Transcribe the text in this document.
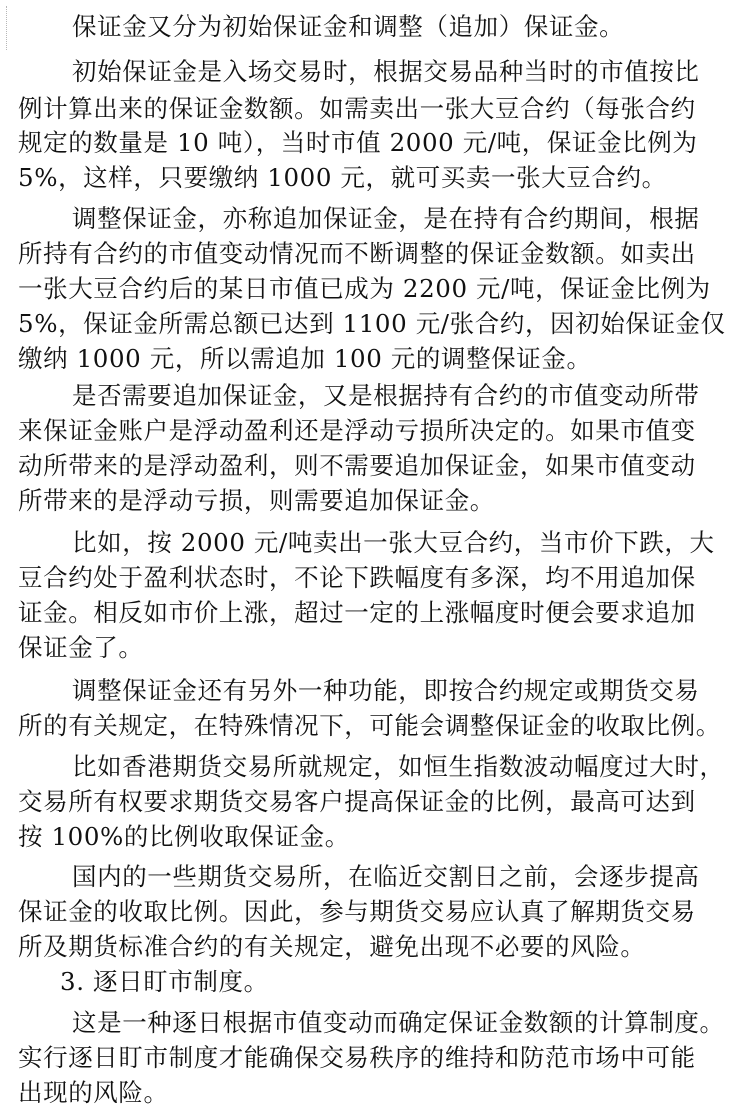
保证金又分为初始保证金和调整（追加）保证金。
初始保证金是入场交易时，根据交易品种当时的市值按比
例计算出来的保证金数额。如需卖出一张大豆合约（每张合约
规定的数量是 10 吨），当时市值 2000 元/吨，保证金比例为
5%，这样，只要缴纳 1000 元，就可买卖一张大豆合约。
调整保证金，亦称追加保证金，是在持有合约期间，根据
所持有合约的市值变动情况而不断调整的保证金数额。如卖出
一张大豆合约后的某日市值已成为 2200 元/吨，保证金比例为
5%，保证金所需总额已达到 1100 元/张合约，因初始保证金仅
缴纳 1000 元，所以需追加 100 元的调整保证金。
是否需要追加保证金，又是根据持有合约的市值变动所带
来保证金账户是浮动盈利还是浮动亏损所决定的。如果市值变
动所带来的是浮动盈利，则不需要追加保证金，如果市值变动
所带来的是浮动亏损，则需要追加保证金。
比如，按 2000 元/吨卖出一张大豆合约，当市价下跌，大
豆合约处于盈利状态时，不论下跌幅度有多深，均不用追加保
证金。相反如市价上涨，超过一定的上涨幅度时便会要求追加
保证金了。
调整保证金还有另外一种功能，即按合约规定或期货交易
所的有关规定，在特殊情况下，可能会调整保证金的收取比例。
比如香港期货交易所就规定，如恒生指数波动幅度过大时，
交易所有权要求期货交易客户提高保证金的比例，最高可达到
按 100%的比例收取保证金。
国内的一些期货交易所，在临近交割日之前，会逐步提高
保证金的收取比例。因此，参与期货交易应认真了解期货交易
所及期货标准合约的有关规定，避免出现不必要的风险。
3. 逐日盯市制度。
这是一种逐日根据市值变动而确定保证金数额的计算制度。
实行逐日盯市制度才能确保交易秩序的维持和防范市场中可能
出现的风险。
